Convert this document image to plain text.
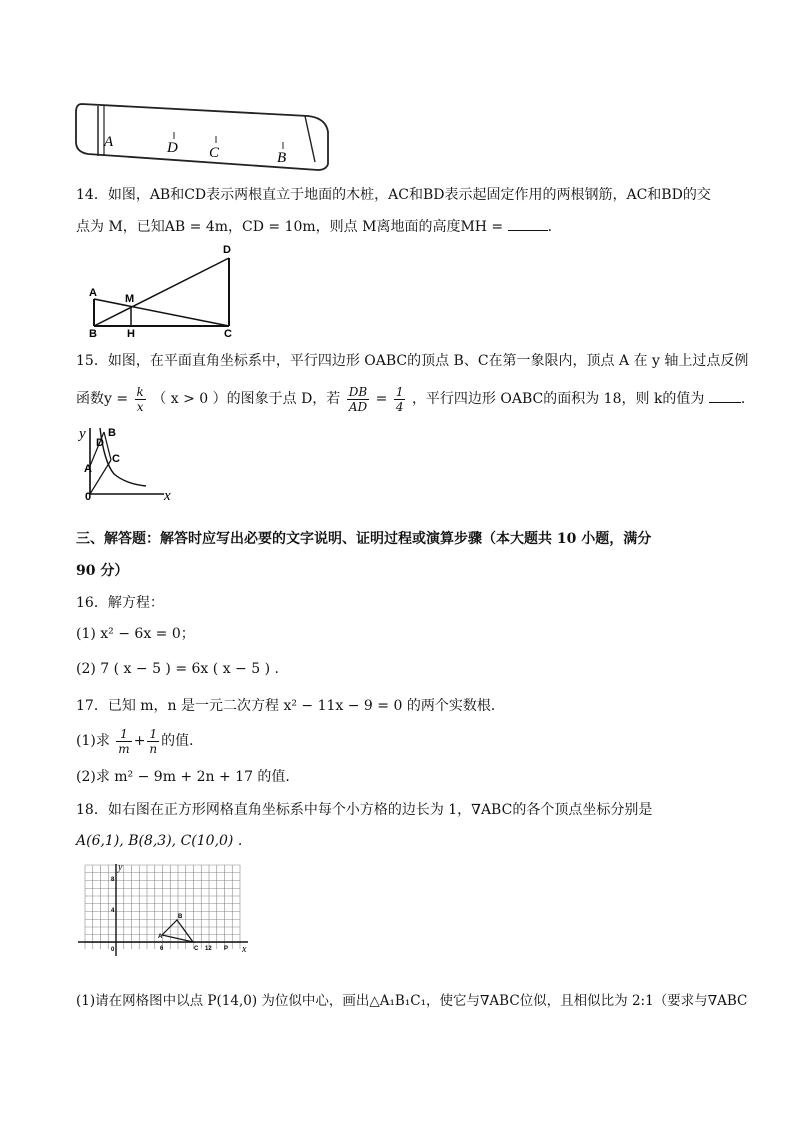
A	D C	B
14．如图，AB和CD表示两根直立于地面的木桩，AC和BD表示起固定作用的两根钢筋，AC和BD的交
点为 M，已知AB = 4m，CD = 10m，则点 M离地面的高度MH =	．
D
A	M
B	H	C
15．如图，在平面直角坐标系中，平行四边形 OABC的顶点 B、C在第一象限内，顶点 A 在 y 轴上过点反例
函数$y = \frac{k}{x}$ （ x > 0 ）的图象于点 D，若 $\frac{DB}{AD} = \frac{1}{4}$ ，平行四边形 OABC的面积为 18，则 k的值为	．
y
x
0
A
B
C
D
三、解答题：解答时应写出必要的文字说明、证明过程或演算步骤（本大题共 10 小题，满分
90 分）
16．解方程：
(1) x² − 6x = 0；
(2) 7 ( x − 5 ) = 6x ( x − 5 ) .
17．已知 m，n 是一元二次方程 x² − 11x − 9 = 0 的两个实数根．
(1)求 $\frac{1}{m} + \frac{1}{n}$ 的值．
(2)求 m² − 9m + 2n + 17 的值．
18．如右图在正方形网格直角坐标系中每个小方格的边长为 1，∇ABC的各个顶点坐标分别是
A(6,1), B(8,3), C(10,0) .
y
x
0
8
4
A
B
C
6	12 P
(1)请在网格图中以点 P(14,0) 为位似中心，画出△A₁B₁C₁，使它与∇ABC位似，且相似比为 2:1（要求与∇ABC
